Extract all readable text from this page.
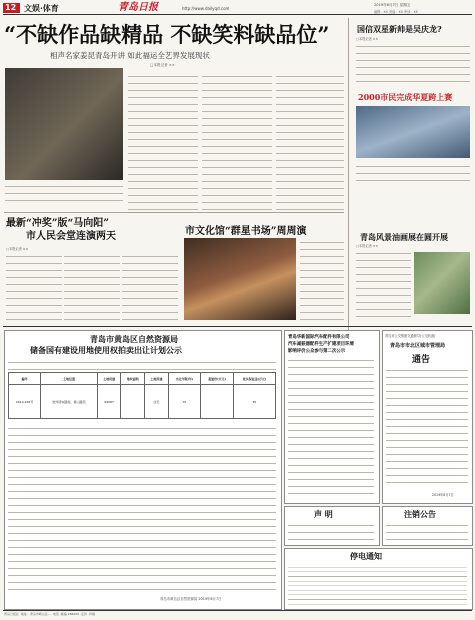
12 文娱·体育	青岛日报	http://www.dailyqd.com
2019年6月7日 星期五
编辑：XX 美编：XX 审读：XX
“不缺作品缺精品 不缺笑料缺品位”
相声名家姜昆青岛开讲 如此福运全艺界发展现状
□本报记者 ××
国信双星新帅是吴庆龙?
□本报记者 ××
2000市民完成华夏跨上赛
青岛风景油画展在圆开展
□本报记者 ××
最新“冲奖”版“马向阳”
市人民会堂连演两天
□本报记者 ××
市文化馆“群星书场”周周演
青岛市黄岛区自然资源局
储备国有建设用地使用权拍卖出让计划公示
编号	土地位置	土地用途	地块面积	土地用途	出让年限(年)	起始价(万元)	竞买保证金(万元)
2019-165号	胶州湾东路南、黄山路西	69087		住宅	70		35
青岛市黄岛区自然资源局 2019年6月7日
青岛华新国际汽车配件有限公司
汽车减振器配件生产扩建项目环境
影响评价公众参与第二次公示
青岛市公交集团交通督导(公交轨道)
青岛市市北区城市管理局
通告
2019年6月7日
声 明	注销公告
停电通知
青岛日报社 ·地址：青岛市崂山区… ·电话 ·邮编 266000 ·定价 ·印刷
